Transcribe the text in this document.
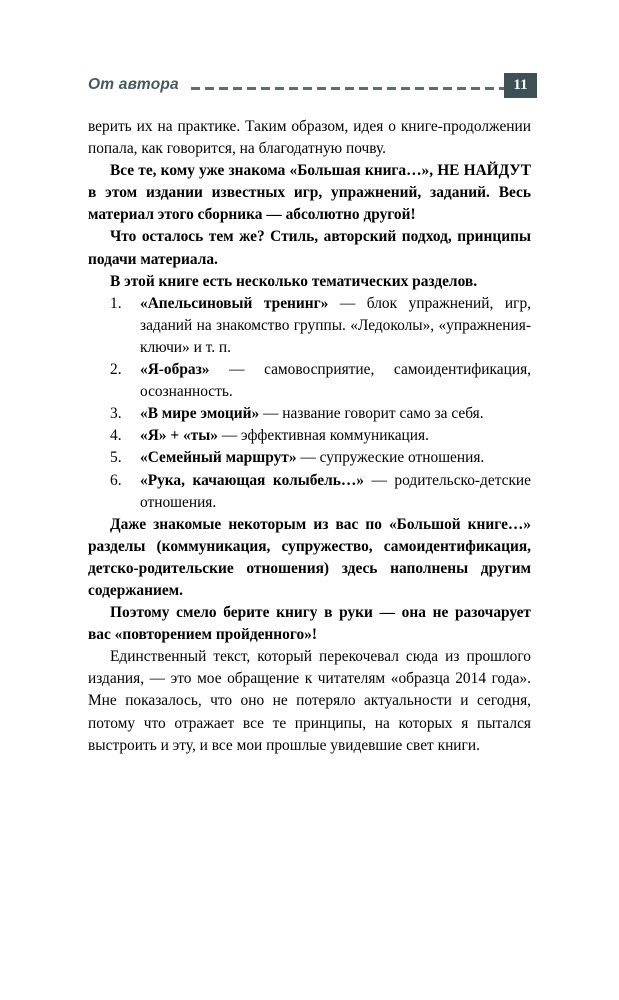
От автора	11

верить их на практике. Таким образом, идея о книге-продолжении попала, как говорится, на благодатную почву.

Все те, кому уже знакома «Большая книга…», НЕ НАЙДУТ в этом издании известных игр, упражнений, заданий. Весь материал этого сборника — абсолютно другой!

Что осталось тем же? Стиль, авторский подход, принципы подачи материала.

В этой книге есть несколько тематических разделов.

1.	«Апельсиновый тренинг» — блок упражнений, игр, заданий на знакомство группы. «Ледоколы», «упражнения-ключи» и т. п.
2.	«Я-образ» — самовосприятие, самоидентификация, осознанность.
3.	«В мире эмоций» — название говорит само за себя.
4.	«Я» + «ты» — эффективная коммуникация.
5.	«Семейный маршрут» — супружеские отношения.
6.	«Рука, качающая колыбель…» — родительско-детские отношения.

Даже знакомые некоторым из вас по «Большой книге…» разделы (коммуникация, супружество, самоидентификация, детско-родительские отношения) здесь наполнены другим содержанием.

Поэтому смело берите книгу в руки — она не разочарует вас «повторением пройденного»!

Единственный текст, который перекочевал сюда из прошлого издания, — это мое обращение к читателям «образца 2014 года». Мне показалось, что оно не потеряло актуальности и сегодня, потому что отражает все те принципы, на которых я пытался выстроить и эту, и все мои прошлые увидевшие свет книги.
